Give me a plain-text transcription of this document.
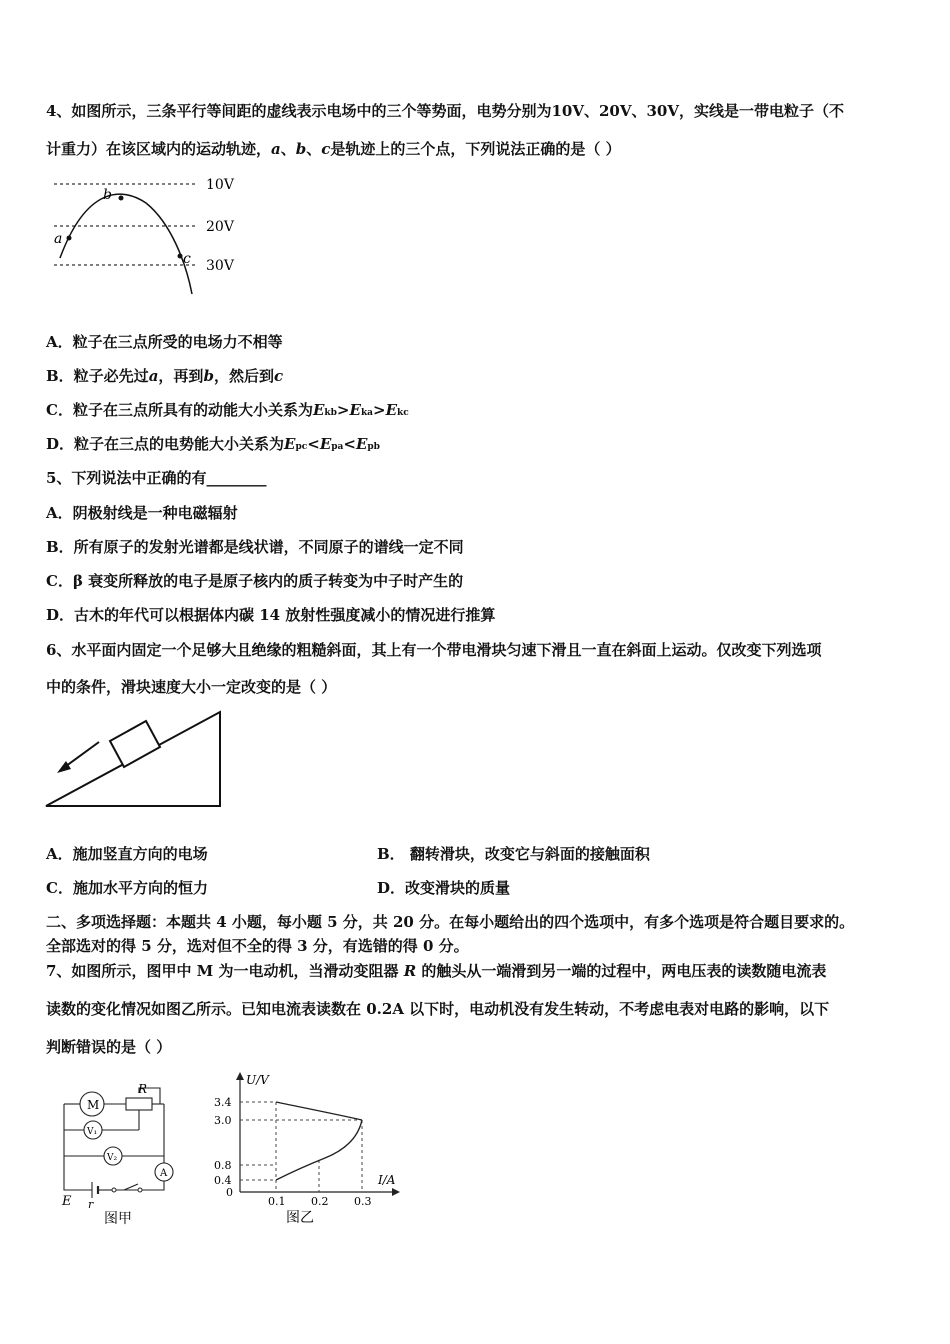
4、如图所示，三条平行等间距的虚线表示电场中的三个等势面，电势分别为10V、20V、30V，实线是一带电粒子（不
计重力）在该区域内的运动轨迹，a、b、c是轨迹上的三个点，下列说法正确的是（ ）
10V
20V
30V
a
b
c
A．粒子在三点所受的电场力不相等
B．粒子必先过a，再到b，然后到c
C．粒子在三点所具有的动能大小关系为Ekb>Eka>Ekc
D．粒子在三点的电势能大小关系为Epc<Epa<Epb
5、下列说法中正确的有________
A．阴极射线是一种电磁辐射
B．所有原子的发射光谱都是线状谱，不同原子的谱线一定不同
C．β 衰变所释放的电子是原子核内的质子转变为中子时产生的
D．古木的年代可以根据体内碳 14 放射性强度减小的情况进行推算
6、水平面内固定一个足够大且绝缘的粗糙斜面，其上有一个带电滑块匀速下滑且一直在斜面上运动。仅改变下列选项
中的条件，滑块速度大小一定改变的是（ ）
A．施加竖直方向的电场	B． 翻转滑块，改变它与斜面的接触面积
C．施加水平方向的恒力	D．改变滑块的质量
二、多项选择题：本题共 4 小题，每小题 5 分，共 20 分。在每小题给出的四个选项中，有多个选项是符合题目要求的。
全部选对的得 5 分，选对但不全的得 3 分，有选错的得 0 分。
7、如图所示，图甲中 M 为一电动机，当滑动变阻器 R 的触头从一端滑到另一端的过程中，两电压表的读数随电流表
读数的变化情况如图乙所示。已知电流表读数在 0.2A 以下时，电动机没有发生转动，不考虑电表对电路的影响，以下
判断错误的是（ ）
M
R
V₁
V₂
A
E r
图甲
U/V
I/A
3.4
3.0
0.8
0.4
0
0.1 0.2 0.3
图乙
